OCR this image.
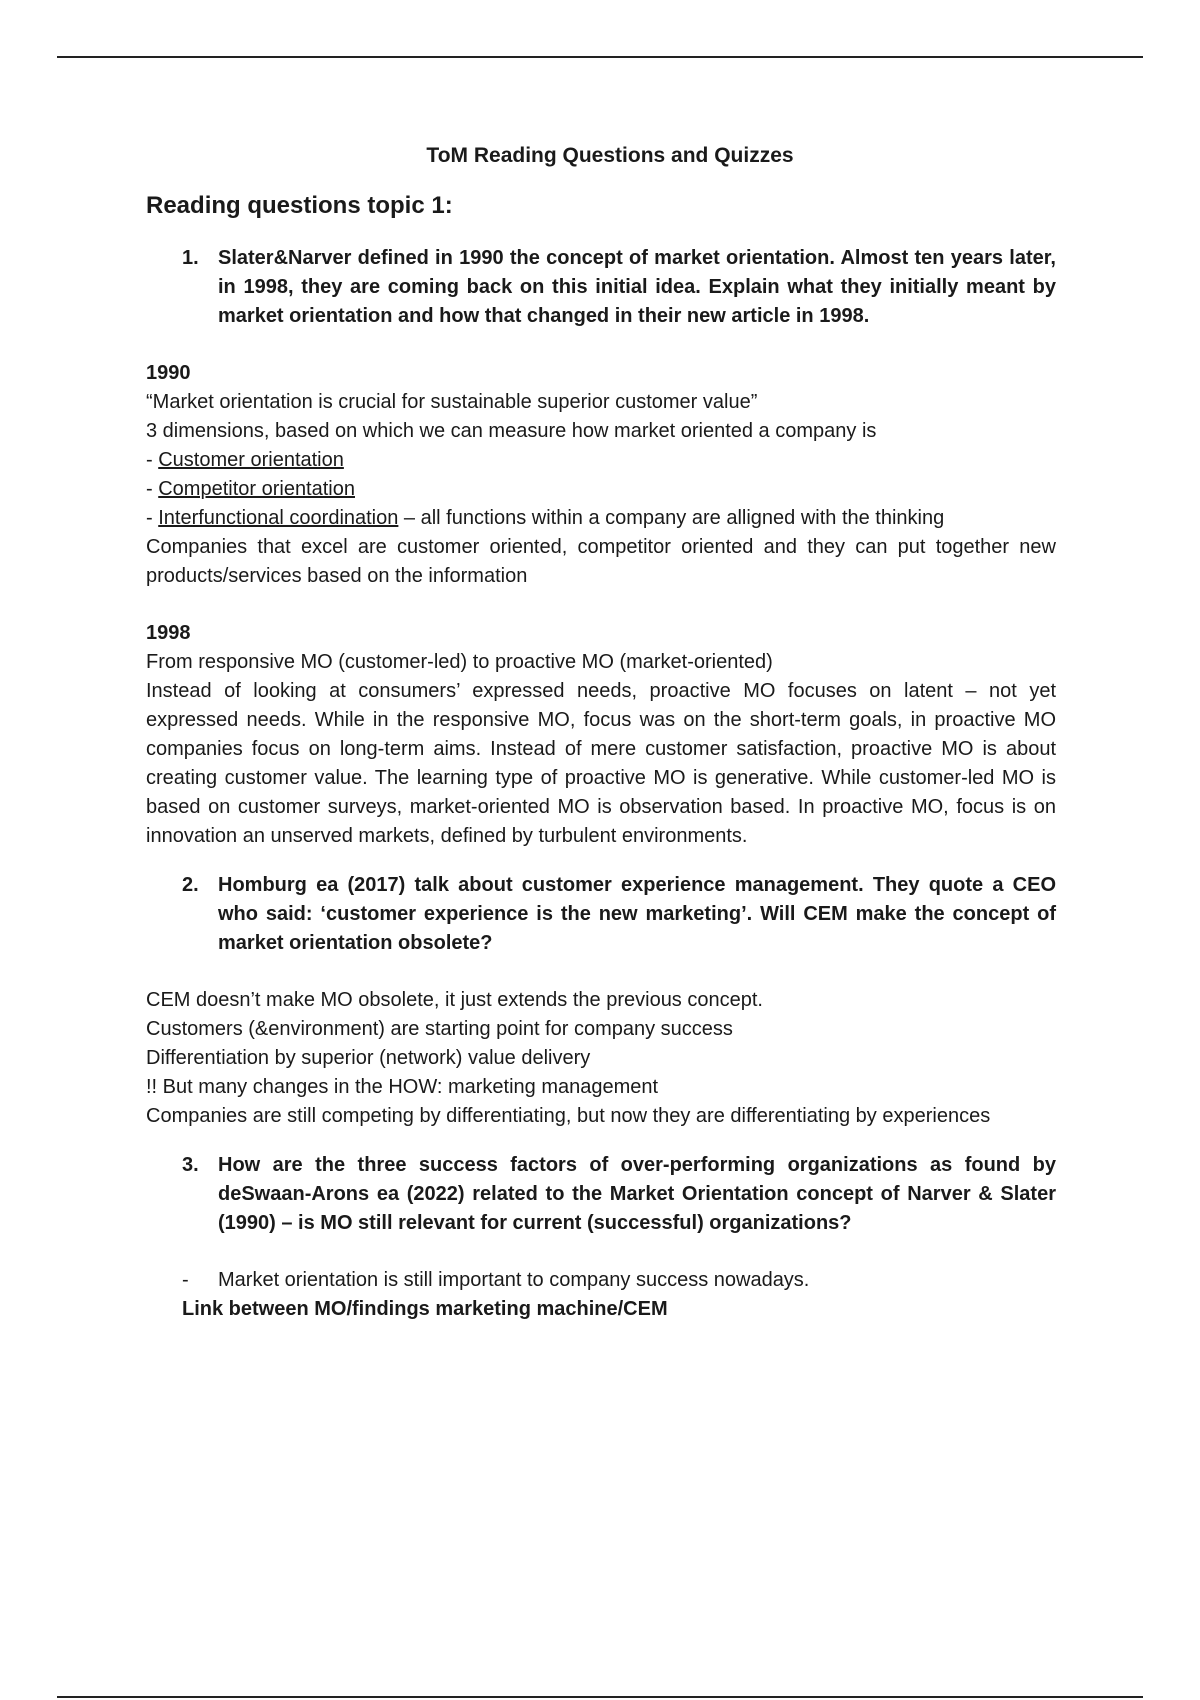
ToM Reading Questions and Quizzes
Reading questions topic 1:
1. Slater&Narver defined in 1990 the concept of market orientation. Almost ten years later, in 1998, they are coming back on this initial idea. Explain what they initially meant by market orientation and how that changed in their new article in 1998.

1990

“Market orientation is crucial for sustainable superior customer value”

3 dimensions, based on which we can measure how market oriented a company is

- Customer orientation

- Competitor orientation

- Interfunctional coordination – all functions within a company are alligned with the thinking

Companies that excel are customer oriented, competitor oriented and they can put together new products/services based on the information

1998

From responsive MO (customer-led) to proactive MO (market-oriented)

Instead of looking at consumers’ expressed needs, proactive MO focuses on latent – not yet expressed needs. While in the responsive MO, focus was on the short-term goals, in proactive MO companies focus on long-term aims. Instead of mere customer satisfaction, proactive MO is about creating customer value. The learning type of proactive MO is generative. While customer-led MO is based on customer surveys, market-oriented MO is observation based. In proactive MO, focus is on innovation an unserved markets, defined by turbulent environments.

2. Homburg ea (2017) talk about customer experience management. They quote a CEO who said: ‘customer experience is the new marketing’. Will CEM make the concept of market orientation obsolete?

CEM doesn’t make MO obsolete, it just extends the previous concept.

Customers (&environment) are starting point for company success

Differentiation by superior (network) value delivery

!! But many changes in the HOW: marketing management

Companies are still competing by differentiating, but now they are differentiating by experiences

3. How are the three success factors of over-performing organizations as found by deSwaan-Arons ea (2022) related to the Market Orientation concept of Narver & Slater (1990) – is MO still relevant for current (successful) organizations?
-	Market orientation is still important to company success nowadays.
Link between MO/findings marketing machine/CEM
